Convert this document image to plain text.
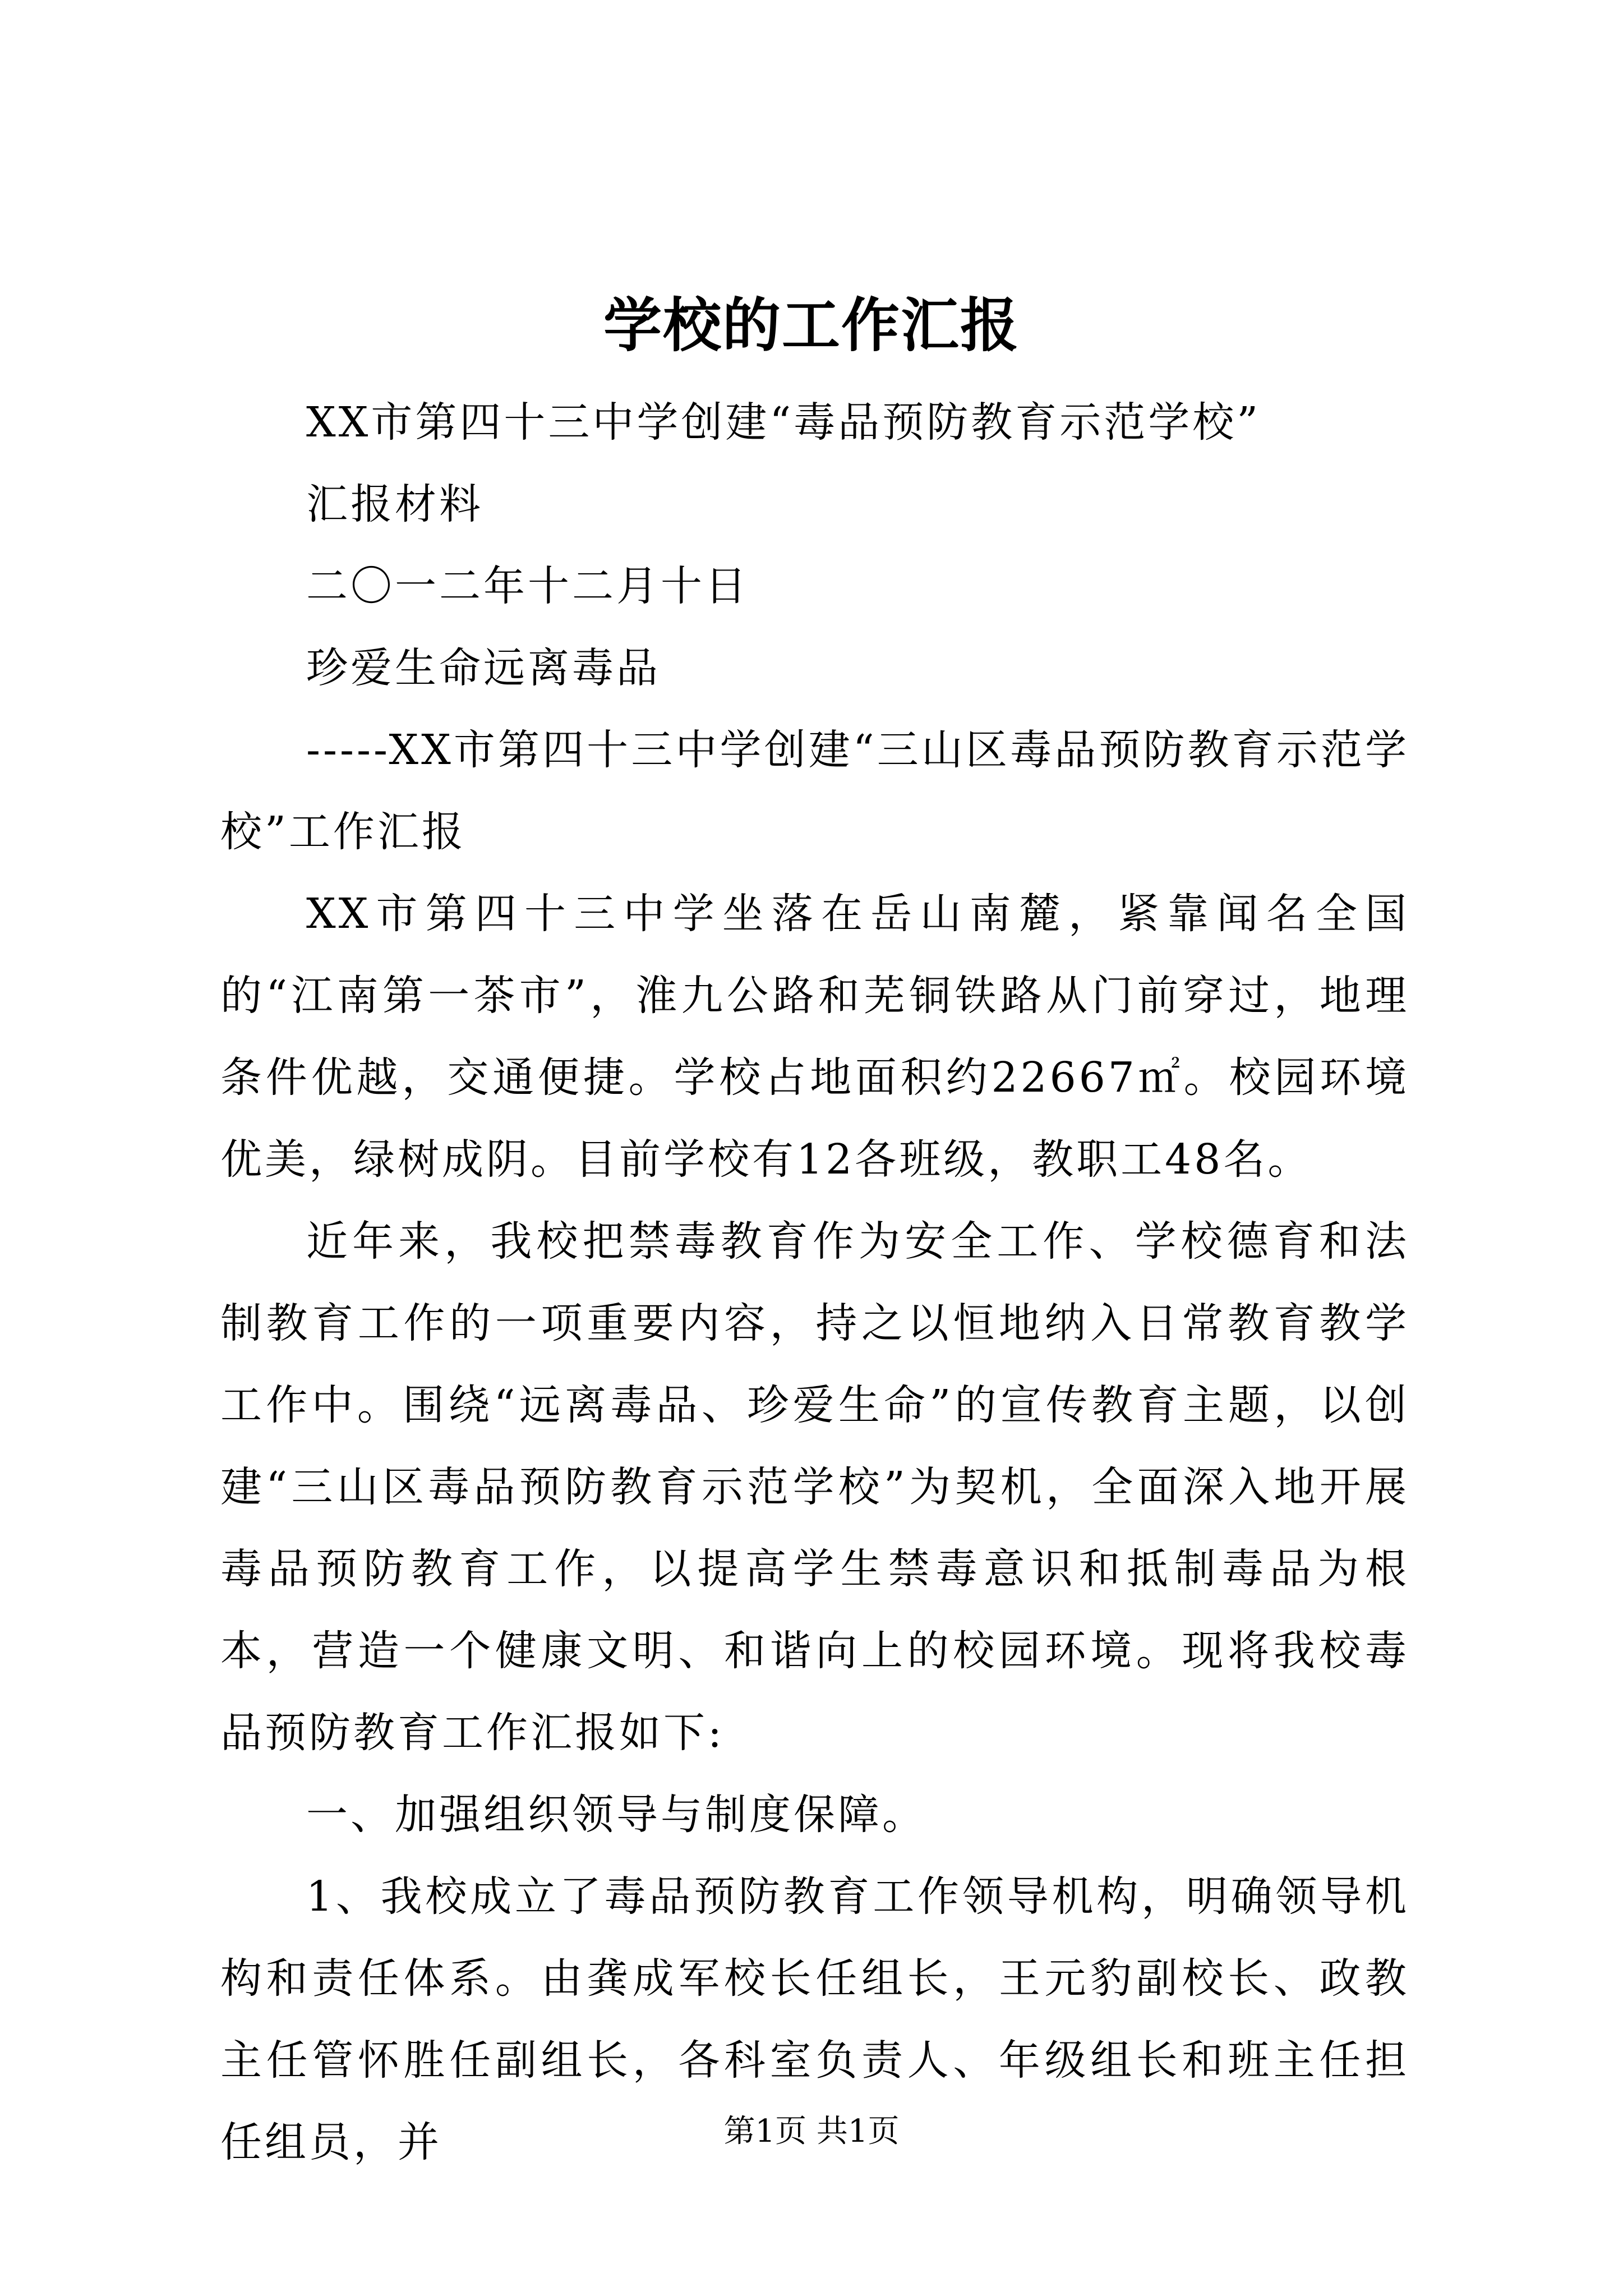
学校的工作汇报

XX市第四十三中学创建“毒品预防教育示范学校”

汇报材料

二〇一二年十二月十日

珍爱生命远离毒品

-----XX市第四十三中学创建“三山区毒品预防教育示范学校”工作汇报

XX市第四十三中学坐落在岳山南麓，紧靠闻名全国的“江南第一茶市”，淮九公路和芜铜铁路从门前穿过，地理条件优越，交通便捷。学校占地面积约22667㎡。校园环境优美，绿树成阴。目前学校有12各班级，教职工48名。

近年来，我校把禁毒教育作为安全工作、学校德育和法制教育工作的一项重要内容，持之以恒地纳入日常教育教学工作中。围绕“远离毒品、珍爱生命”的宣传教育主题，以创建“三山区毒品预防教育示范学校”为契机，全面深入地开展毒品预防教育工作，以提高学生禁毒意识和抵制毒品为根本，营造一个健康文明、和谐向上的校园环境。现将我校毒品预防教育工作汇报如下:

一、加强组织领导与制度保障。

1、我校成立了毒品预防教育工作领导机构，明确领导机构和责任体系。由龚成军校长任组长，王元豹副校长、政教主任管怀胜任副组长，各科室负责人、年级组长和班主任担任组员，并	第1页 共1页
